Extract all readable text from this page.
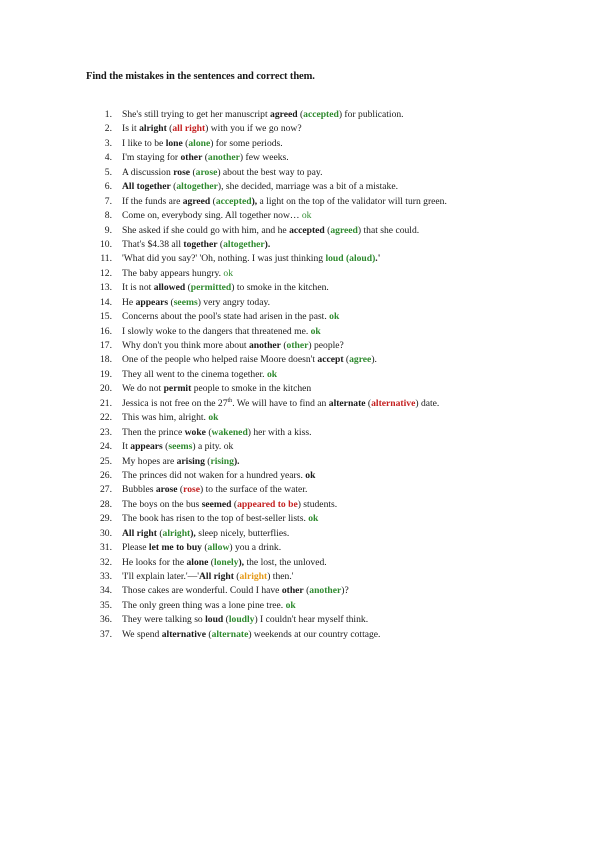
Find the mistakes in the sentences and correct them.
1. She's still trying to get her manuscript agreed (accepted) for publication.
2. Is it alright (all right) with you if we go now?
3. I like to be lone (alone) for some periods.
4. I'm staying for other (another) few weeks.
5. A discussion rose (arose) about the best way to pay.
6. All together (altogether), she decided, marriage was a bit of a mistake.
7. If the funds are agreed (accepted), a light on the top of the validator will turn green.
8. Come on, everybody sing. All together now… ok
9. She asked if she could go with him, and he accepted (agreed) that she could.
10. That's $4.38 all together (altogether).
11. 'What did you say?' 'Oh, nothing. I was just thinking loud (aloud).'
12. The baby appears hungry. ok
13. It is not allowed (permitted) to smoke in the kitchen.
14. He appears (seems) very angry today.
15. Concerns about the pool's state had arisen in the past. ok
16. I slowly woke to the dangers that threatened me. ok
17. Why don't you think more about another (other) people?
18. One of the people who helped raise Moore doesn't accept (agree).
19. They all went to the cinema together. ok
20. We do not permit people to smoke in the kitchen
21. Jessica is not free on the 27th. We will have to find an alternate (alternative) date.
22. This was him, alright. ok
23. Then the prince woke (wakened) her with a kiss.
24. It appears (seems) a pity. ok
25. My hopes are arising (rising).
26. The princes did not waken for a hundred years. ok
27. Bubbles arose (rose) to the surface of the water.
28. The boys on the bus seemed (appeared to be) students.
29. The book has risen to the top of best-seller lists. ok
30. All right (alright), sleep nicely, butterflies.
31. Please let me to buy (allow) you a drink.
32. He looks for the alone (lonely), the lost, the unloved.
33. 'I'll explain later.'—'All right (alright) then.'
34. Those cakes are wonderful. Could I have other (another)?
35. The only green thing was a lone pine tree. ok
36. They were talking so loud (loudly) I couldn't hear myself think.
37. We spend alternative (alternate) weekends at our country cottage.
